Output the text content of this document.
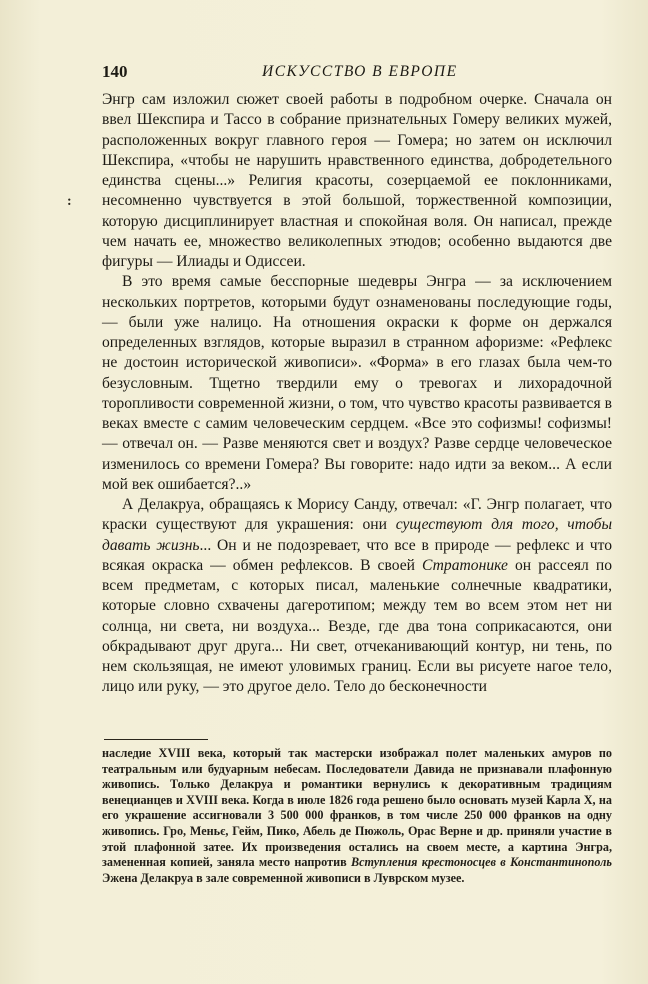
140	ИСКУССТВО В ЕВРОПЕ
:

Энгр сам изложил сюжет своей работы в подробном очерке. Сначала он ввел Шекспира и Тассо в собрание признательных Гомеру великих мужей, расположенных вокруг главного героя — Гомера; но затем он исключил Шекспира, «чтобы не нарушить нравственного единства, добродетельного единства сцены...» Религия красоты, созерцаемой ее поклонниками, несомненно чувствуется в этой большой, торжественной композиции, которую дисциплинирует властная и спокойная воля. Он написал, прежде чем начать ее, множество великолепных этюдов; особенно выдаются две фигуры — Илиады и Одиссеи.

В это время самые бесспорные шедевры Энгра — за исключением нескольких портретов, которыми будут ознаменованы последующие годы, — были уже налицо. На отношения окраски к форме он держался определенных взглядов, которые выразил в странном афоризме: «Рефлекс не достоин исторической живописи». «Форма» в его глазах была чем-то безусловным. Тщетно твердили ему о тревогах и лихорадочной торопливости современной жизни, о том, что чувство красоты развивается в веках вместе с самим человеческим сердцем. «Все это софизмы! софизмы! — отвечал он. — Разве меняются свет и воздух? Разве сердце человеческое изменилось со времени Гомера? Вы говорите: надо идти за веком... А если мой век ошибается?..»

А Делакруа, обращаясь к Морису Санду, отвечал: «Г. Энгр полагает, что краски существуют для украшения: они существуют для того, чтобы давать жизнь... Он и не подозревает, что все в природе — рефлекс и что всякая окраска — обмен рефлексов. В своей Стратонике он рассеял по всем предметам, с которых писал, маленькие солнечные квадратики, которые словно схвачены дагеротипом; между тем во всем этом нет ни солнца, ни света, ни воздуха... Везде, где два тона соприкасаются, они обкрадывают друг друга... Ни свет, отчеканивающий контур, ни тень, по нем скользящая, не имеют уловимых границ. Если вы рисуете нагое тело, лицо или руку, — это другое дело. Тело до бесконечности

наследие XVIII века, который так мастерски изображал полет маленьких амуров по театральным или будуарным небесам. Последователи Давида не признавали плафонную живопись. Только Делакруа и романтики вернулись к декоративным традициям венецианцев и XVIII века. Когда в июле 1826 года решено было основать музей Карла X, на его украшение ассигновали 3 500 000 франков, в том числе 250 000 франков на одну живопись. Гро, Меньє, Гейм, Пико, Абель де Пюжоль, Орас Верне и др. приняли участие в этой плафонной затее. Их произведения остались на своем месте, а картина Энгра, замененная копией, заняла место напротив Вступления крестоносцев в Константинополь Эжена Делакруа в зале современной живописи в Луврском музее.
